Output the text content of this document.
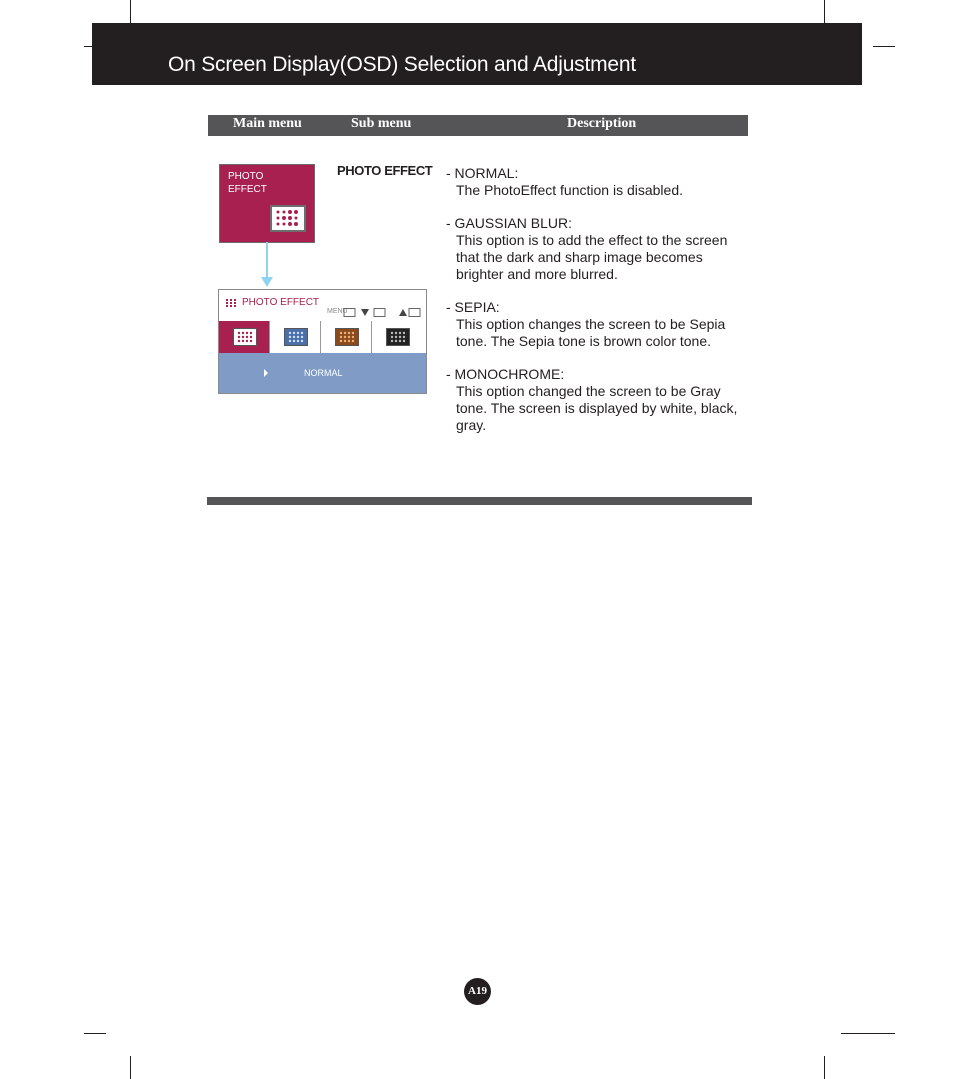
On Screen Display(OSD) Selection and Adjustment
Main menu	Sub menu	Description
PHOTO
EFFECT
PHOTO EFFECT
MENU
NORMAL
PHOTO EFFECT - NORMAL:
The PhotoEffect function is disabled.
- GAUSSIAN BLUR:
This option is to add the effect to the screen that the dark and sharp image becomes brighter and more blurred.
- SEPIA:
This option changes the screen to be Sepia tone. The Sepia tone is brown color tone.
- MONOCHROME:
This option changed the screen to be Gray tone. The screen is displayed by white, black, gray.
A19
